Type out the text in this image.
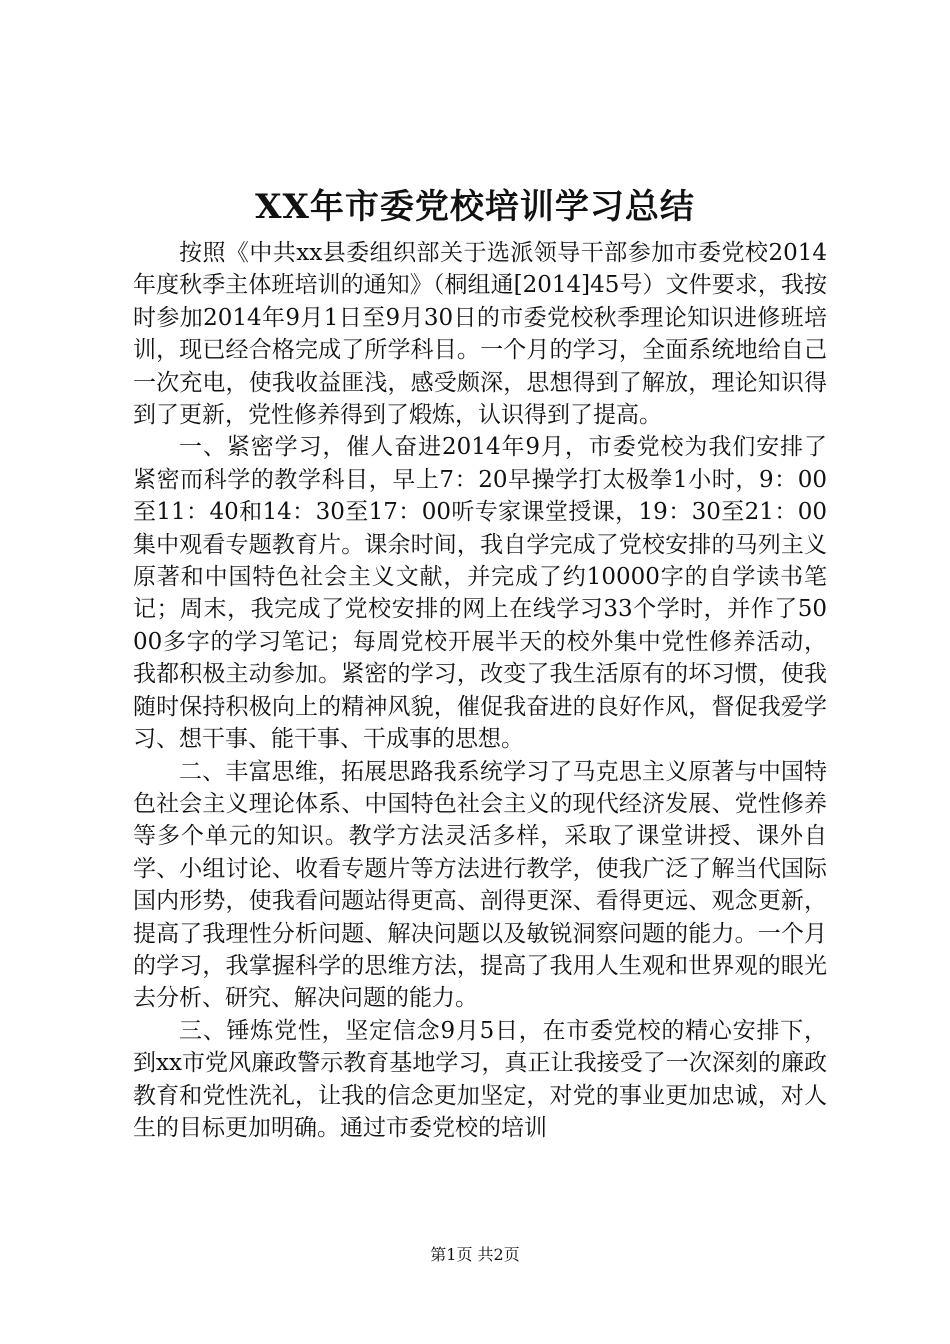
XX年市委党校培训学习总结

按照《中共xx县委组织部关于选派领导干部参加市委党校2014年度秋季主体班培训的通知》（桐组通[2014]45号）文件要求，我按时参加2014年9月1日至9月30日的市委党校秋季理论知识进修班培训，现已经合格完成了所学科目。一个月的学习，全面系统地给自己一次充电，使我收益匪浅，感受颇深，思想得到了解放，理论知识得到了更新，党性修养得到了煅炼，认识得到了提高。

一、紧密学习，催人奋进2014年9月，市委党校为我们安排了紧密而科学的教学科目，早上7：20早操学打太极拳1小时，9：00至11：40和14：30至17：00听专家课堂授课，19：30至21：00集中观看专题教育片。课余时间，我自学完成了党校安排的马列主义原著和中国特色社会主义文献，并完成了约10000字的自学读书笔记；周末，我完成了党校安排的网上在线学习33个学时，并作了5000多字的学习笔记；每周党校开展半天的校外集中党性修养活动，我都积极主动参加。紧密的学习，改变了我生活原有的坏习惯，使我随时保持积极向上的精神风貌，催促我奋进的良好作风，督促我爱学习、想干事、能干事、干成事的思想。

二、丰富思维，拓展思路我系统学习了马克思主义原著与中国特色社会主义理论体系、中国特色社会主义的现代经济发展、党性修养等多个单元的知识。教学方法灵活多样，采取了课堂讲授、课外自学、小组讨论、收看专题片等方法进行教学，使我广泛了解当代国际国内形势，使我看问题站得更高、剖得更深、看得更远、观念更新，提高了我理性分析问题、解决问题以及敏锐洞察问题的能力。一个月的学习，我掌握科学的思维方法，提高了我用人生观和世界观的眼光去分析、研究、解决问题的能力。

三、锤炼党性，坚定信念9月5日，在市委党校的精心安排下，到xx市党风廉政警示教育基地学习，真正让我接受了一次深刻的廉政教育和党性洗礼，让我的信念更加坚定，对党的事业更加忠诚，对人生的目标更加明确。通过市委党校的培训

第1页 共2页
